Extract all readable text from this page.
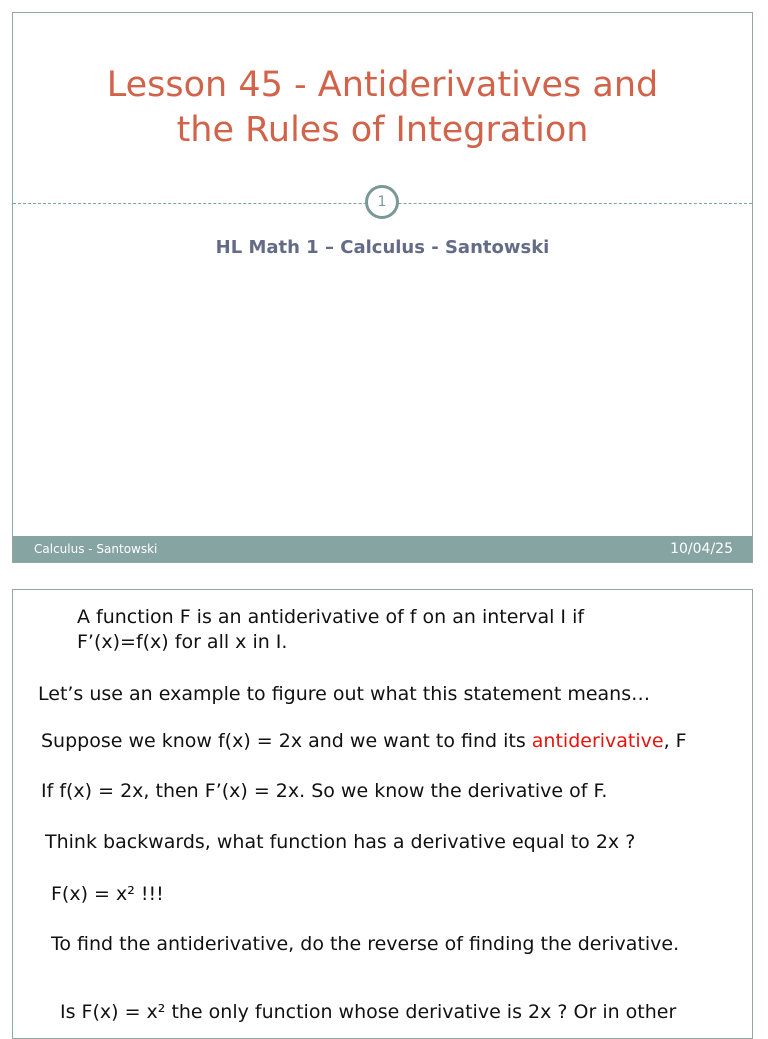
Lesson 45 - Antiderivatives and
the Rules of Integration
1
HL Math 1 – Calculus - Santowski
Calculus - Santowski	10/04/25
A function F is an antiderivative of f on an interval I if
F’(x)=f(x) for all x in I.
Let’s use an example to figure out what this statement means…
Suppose we know f(x) = 2x and we want to find its antiderivative, F
If f(x) = 2x, then F’(x) = 2x. So we know the derivative of F.
Think backwards, what function has a derivative equal to 2x ?
F(x) = x² !!!
To find the antiderivative, do the reverse of finding the derivative.
Is F(x) = x² the only function whose derivative is 2x ? Or in other
